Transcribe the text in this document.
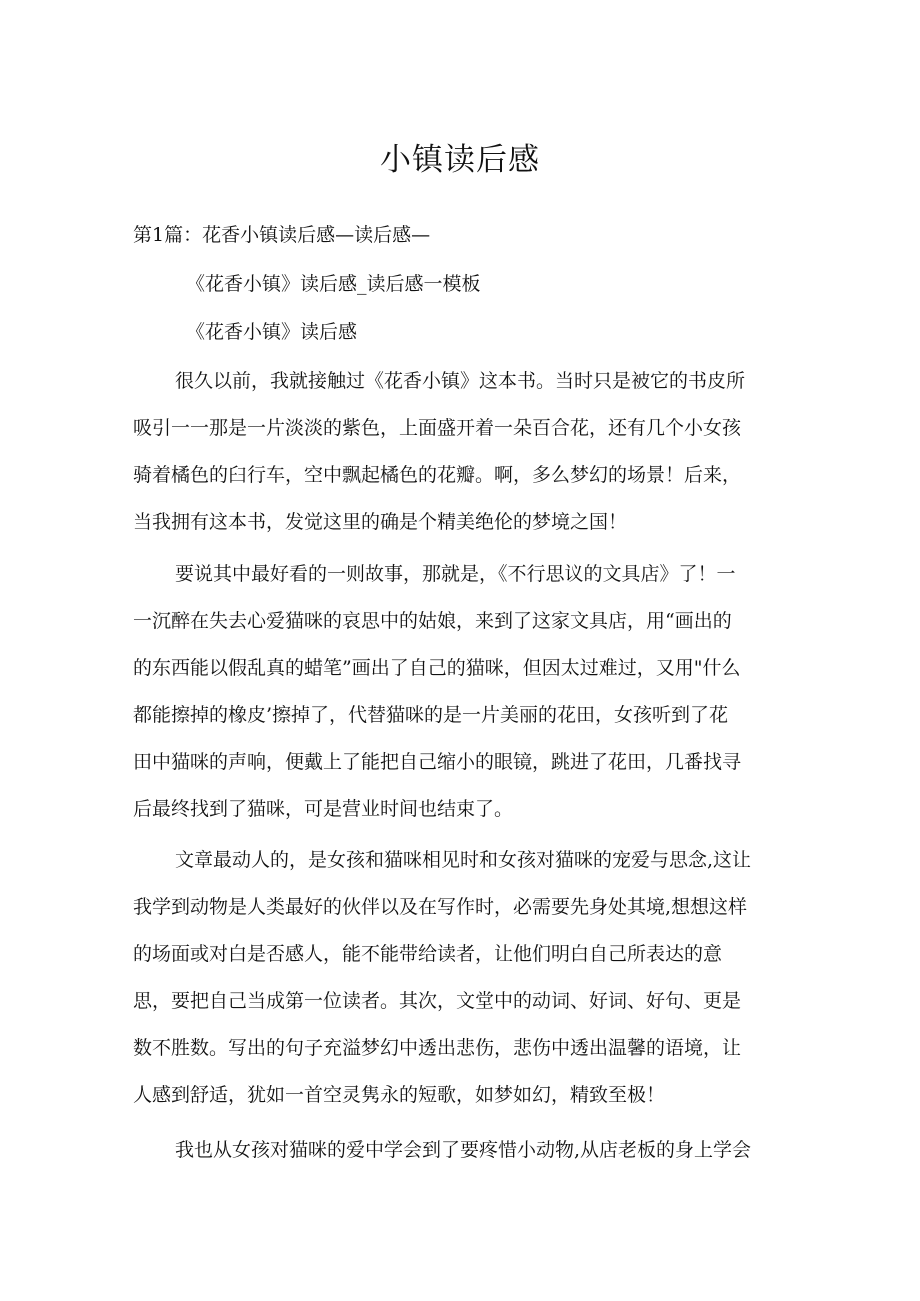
小镇读后感
第1篇：花香小镇读后感—读后感—
《花香小镇》读后感_读后感一模板
《花香小镇》读后感
很久以前，我就接触过《花香小镇》这本书。当时只是被它的书皮所
吸引一一那是一片淡淡的紫色，上面盛开着一朵百合花，还有几个小女孩
骑着橘色的臼行车，空中飘起橘色的花瓣。啊，多么梦幻的场景！后来，
当我拥有这本书，发觉这里的确是个精美绝伦的梦境之国！
要说其中最好看的一则故事，那就是，《不行思议的文具店》了！一
一沉醉在失去心爱猫咪的哀思中的姑娘，来到了这家文具店，用“画出的
的东西能以假乱真的蜡笔”画出了自己的猫咪，但因太过难过，又用"什么
都能擦掉的橡皮’擦掉了，代替猫咪的是一片美丽的花田，女孩听到了花
田中猫咪的声响，便戴上了能把自己缩小的眼镜，跳进了花田，几番找寻
后最终找到了猫咪，可是营业时间也结束了。
文章最动人的，是女孩和猫咪相见时和女孩对猫咪的宠爱与思念,这让
我学到动物是人类最好的伙伴以及在写作时，必需要先身处其境,想想这样
的场面或对白是否感人，能不能带给读者，让他们明白自己所表达的意
思，要把自己当成第一位读者。其次，文堂中的动词、好词、好句、更是
数不胜数。写出的句子充溢梦幻中透出悲伤，悲伤中透出温馨的语境，让
人感到舒适，犹如一首空灵隽永的短歌，如梦如幻，精致至极！
我也从女孩对猫咪的爱中学会到了要疼惜小动物,从店老板的身上学会
